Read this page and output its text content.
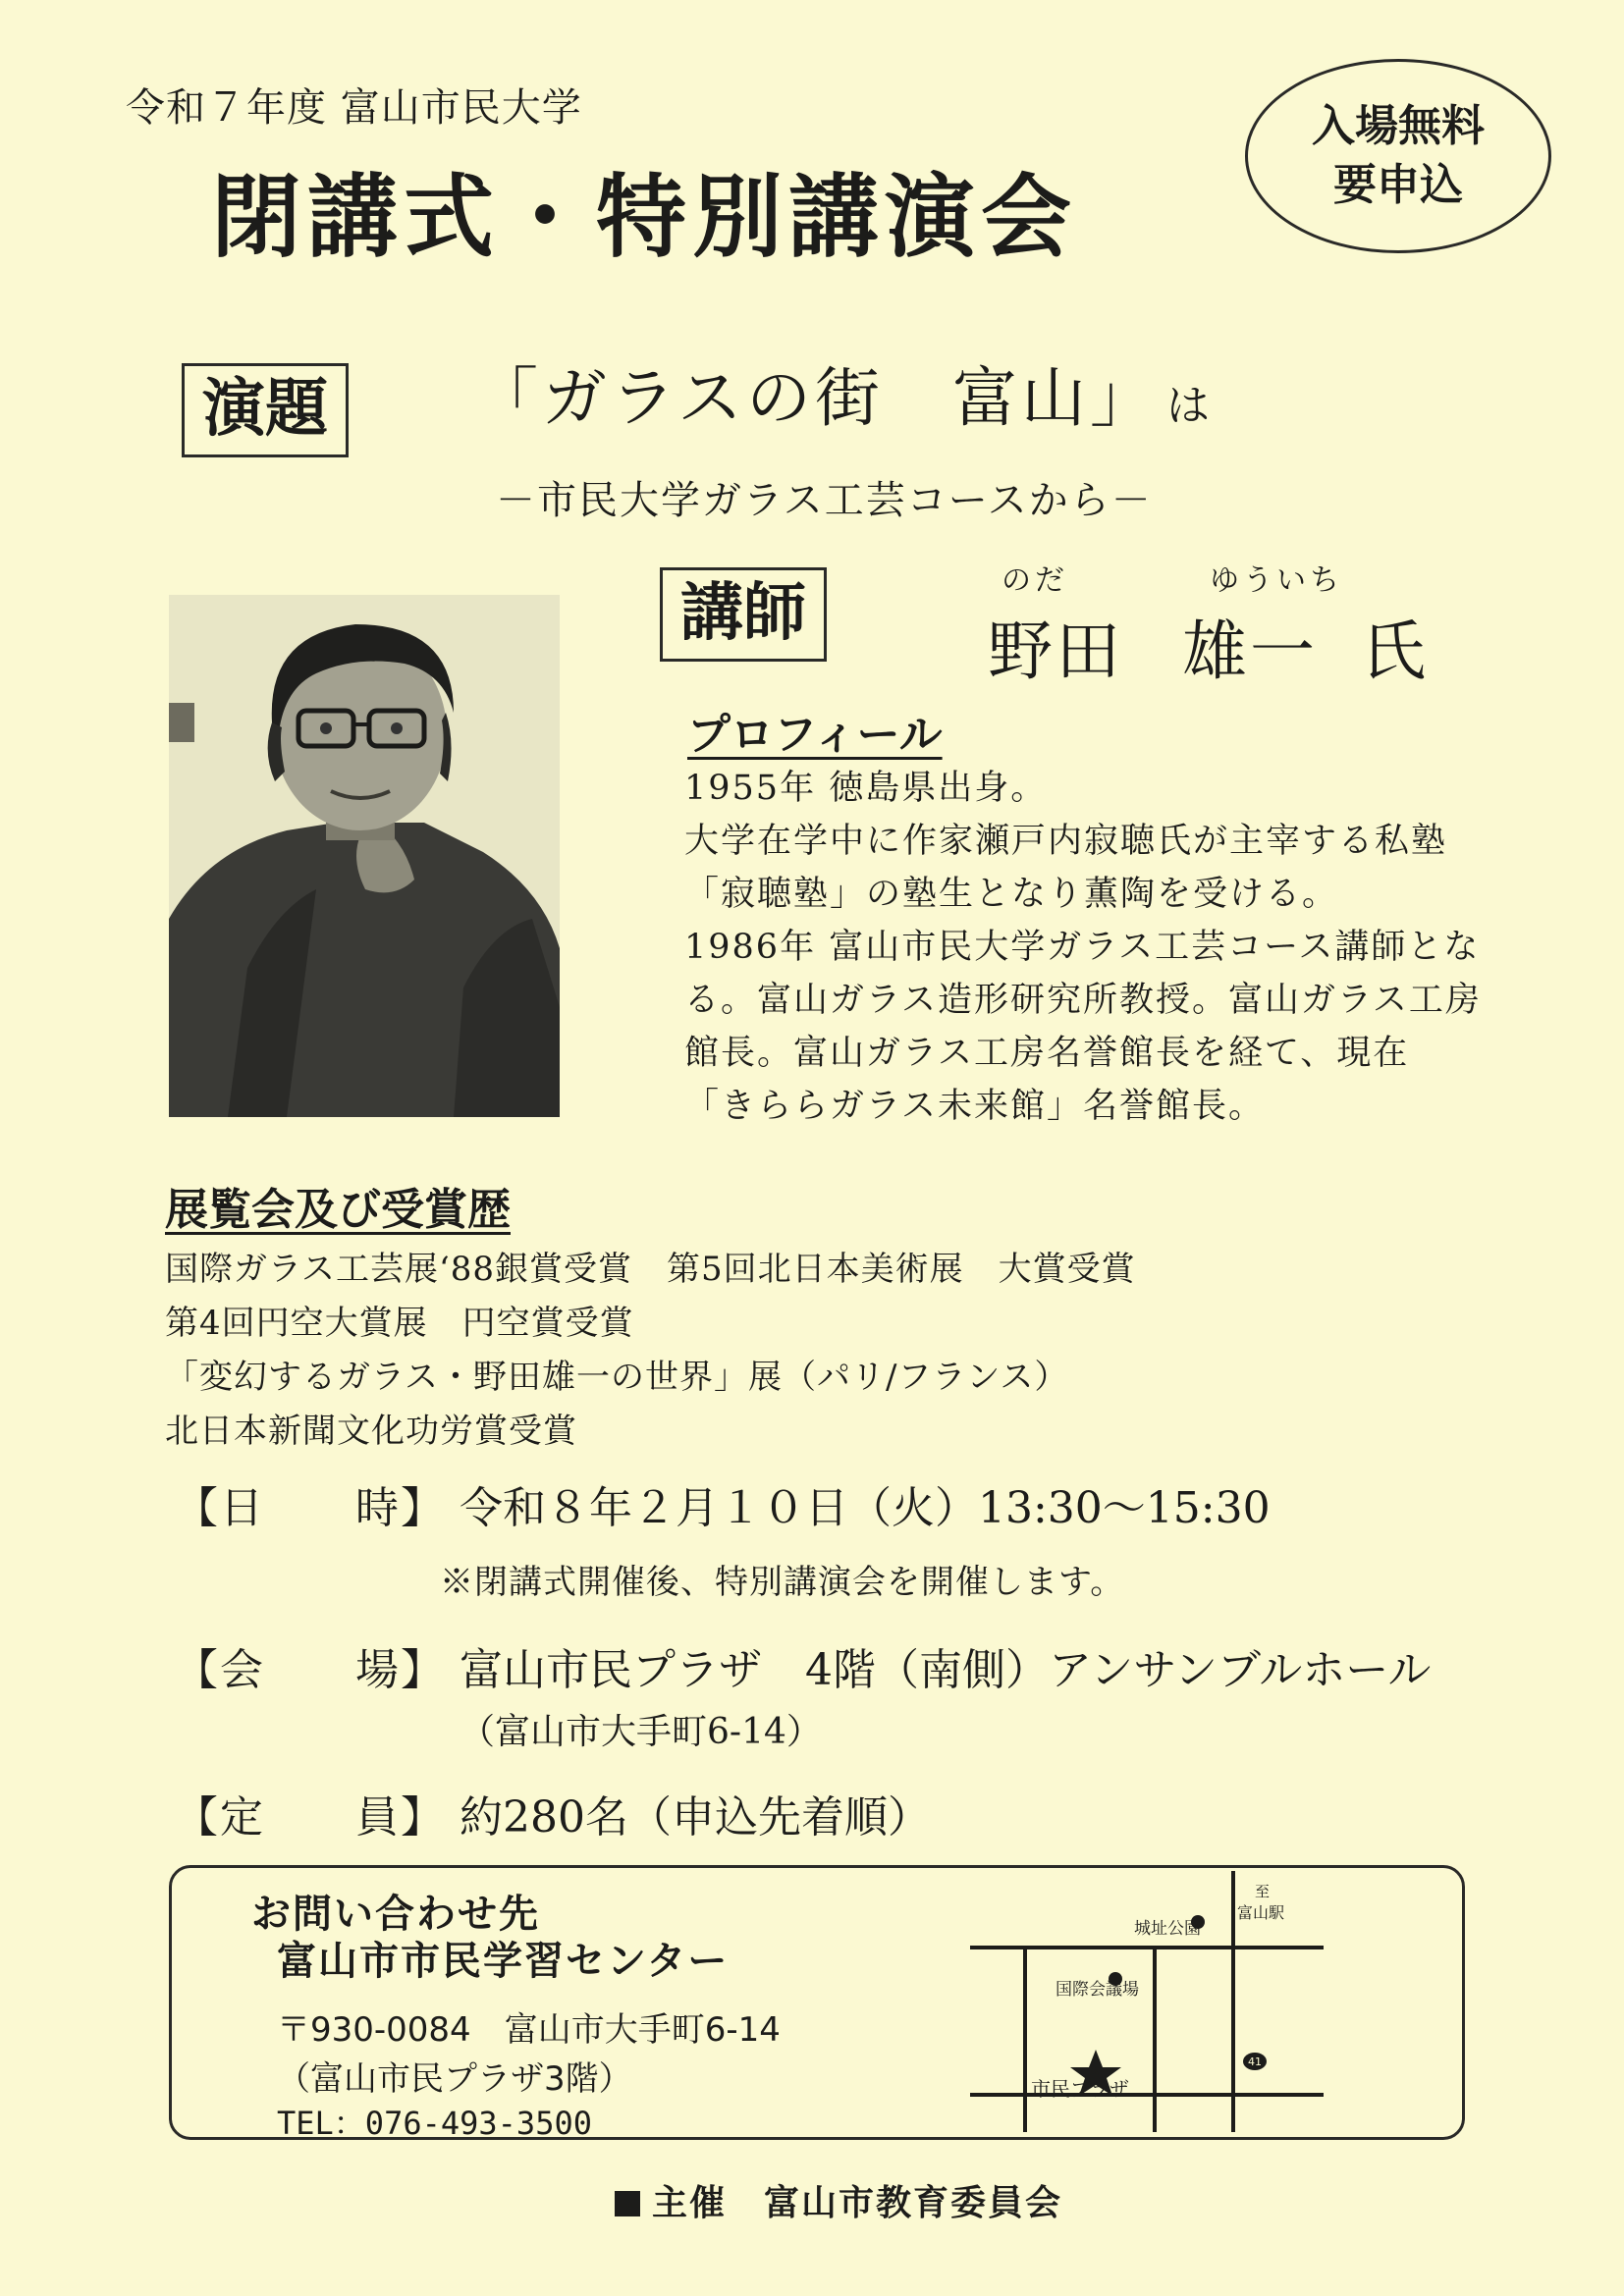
令和７年度 富山市民大学
閉講式・特別講演会
入場無料
要申込
演題	「ガラスの街　富山」 は
－市民大学ガラス工芸コースから－
講師	のだ	ゆういち
野田 雄一 氏
プロフィール
1955年 徳島県出身。
大学在学中に作家瀬戸内寂聴氏が主宰する私塾
「寂聴塾」の塾生となり薫陶を受ける。
1986年 富山市民大学ガラス工芸コース講師とな
る。富山ガラス造形研究所教授。富山ガラス工房
館長。富山ガラス工房名誉館長を経て、現在
「きららガラス未来館」名誉館長。
展覧会及び受賞歴
国際ガラス工芸展‘88銀賞受賞　第5回北日本美術展　大賞受賞
第4回円空大賞展　円空賞受賞
「変幻するガラス・野田雄一の世界」展（パリ/フランス）
北日本新聞文化功労賞受賞
【日　　時】 令和８年２月１０日（火）13:30～15:30
※閉講式開催後、特別講演会を開催します。
【会　　場】 富山市民プラザ　4階（南側）アンサンブルホール
（富山市大手町6-14）
【定　　員】 約280名（申込先着順）
お問い合わせ先
富山市市民学習センター
〒930-0084　富山市大手町6-14
（富山市民プラザ3階）
TEL：076-493-3500
41
城址公園
至
富山駅
国際会議場
市民プラザ
主催　富山市教育委員会
